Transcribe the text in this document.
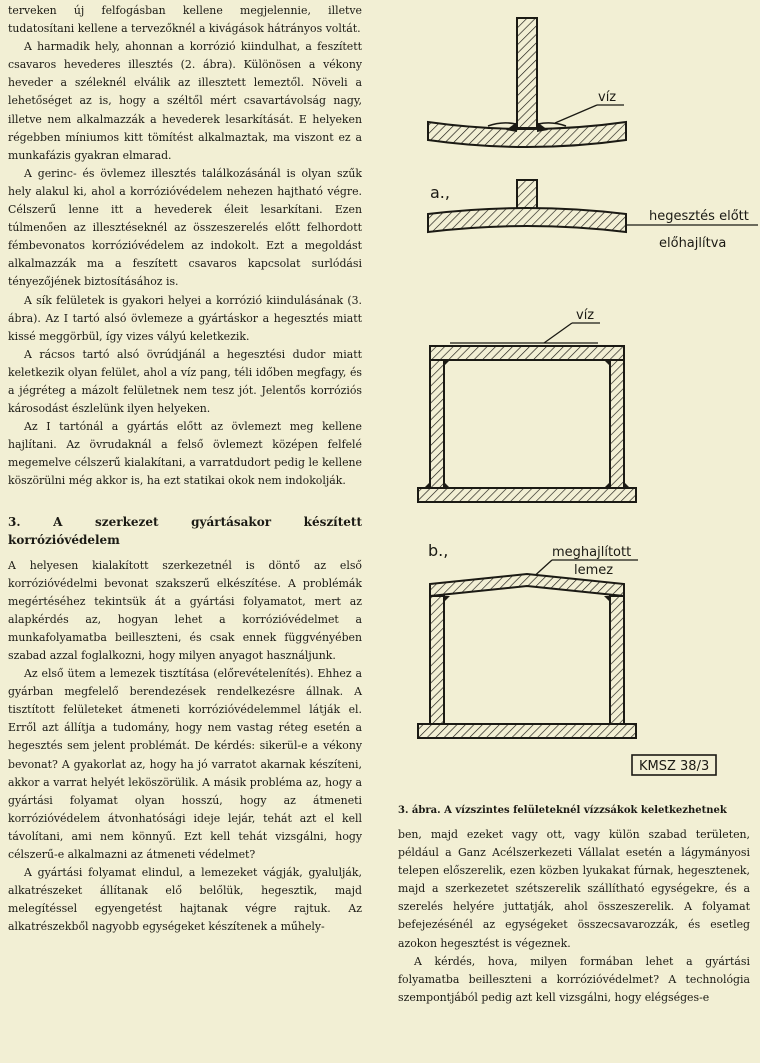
terveken új felfogásban kellene megjelennie, illetve tudatosítani kellene a tervezőknél a kivágások hátrányos voltát.

A harmadik hely, ahonnan a korrózió kiindulhat, a feszített csavaros hevederes illesztés (2. ábra). Különösen a vékony heveder a széleknél elválik az illesztett lemeztől. Növeli a lehetőséget az is, hogy a széltől mért csavartávolság nagy, illetve nem alkalmazzák a hevederek lesarkítását. E helyeken régebben míniumos kitt tömítést alkalmaztak, ma viszont ez a munkafázis gyakran elmarad.

A gerinc- és övlemez illesztés találkozásánál is olyan szűk hely alakul ki, ahol a korrózióvédelem nehezen hajtható végre. Célszerű lenne itt a hevederek éleit lesarkítani. Ezen túlmenően az illesztéseknél az összeszerelés előtt felhordott fémbevonatos korrózióvédelem az indokolt. Ezt a megoldást alkalmazzák ma a feszített csavaros kapcsolat surlódási tényezőjének biztosításához is.

A sík felületek is gyakori helyei a korrózió kiindulásának (3. ábra). Az I tartó alsó övlemeze a gyártáskor a hegesztés miatt kissé meggörbül, így vizes vályú keletkezik.

A rácsos tartó alsó övrúdjánál a hegesztési dudor miatt keletkezik olyan felület, ahol a víz pang, téli időben megfagy, és a jégréteg a mázolt felületnek nem tesz jót. Jelentős korróziós károsodást észlelünk ilyen helyeken.

Az I tartónál a gyártás előtt az övlemezt meg kellene hajlítani. Az övrudaknál a felső övlemezt középen felfelé megemelve célszerű kialakítani, a varratdudort pedig le kellene köszörülni még akkor is, ha ezt statikai okok nem indokolják.

3. A szerkezet gyártásakor készített korrózióvédelem

A helyesen kialakított szerkezetnél is döntő az első korrózióvédelmi bevonat szakszerű elkészítése. A problémák megértéséhez tekintsük át a gyártási folyamatot, mert az alapkérdés az, hogyan lehet a korrózióvédelmet a munkafolyamatba beilleszteni, és csak ennek függvényében szabad azzal foglalkozni, hogy milyen anyagot használjunk.

Az első ütem a lemezek tisztítása (előrevételenítés). Ehhez a gyárban megfelelő berendezések rendelkezésre állnak. A tisztított felületeket átmeneti korrózióvédelemmel látják el. Erről azt állítja a tudomány, hogy nem vastag réteg esetén a hegesztés sem jelent problémát. De kérdés: sikerül-e a vékony bevonat? A gyakorlat az, hogy ha jó varratot akarnak készíteni, akkor a varrat helyét leköszörülik. A másik probléma az, hogy a gyártási folyamat olyan hosszú, hogy az átmeneti korrózióvédelem átvonhatósági ideje lejár, tehát azt el kell távolítani, ami nem könnyű. Ezt kell tehát vizsgálni, hogy célszerű-e alkalmazni az átmeneti védelmet?

A gyártási folyamat elindul, a lemezeket vágják, gyalulják, alkatrészeket állítanak elő belőlük, hegesztik, majd melegítéssel egyengetést hajtanak végre rajtuk. Az alkatrészekből nagyobb egységeket készítenek a műhely-

víz
a.,
hegesztés előtt
előhajlítva
víz
b.,	meghajlított
lemez
KMSZ 38/3
3. ábra. A vízszintes felületeknél vízzsákok keletkezhetnek

ben, majd ezeket vagy ott, vagy külön szabad területen, például a Ganz Acélszerkezeti Vállalat esetén a lágymányosi telepen előszerelik, ezen közben lyukakat fúrnak, hegesztenek, majd a szerkezetet szétszerelik szállítható egységekre, és a szerelés helyére juttatják, ahol összeszerelik. A folyamat befejezésénél az egységeket összecsavarozzák, és esetleg azokon hegesztést is végeznek.

A kérdés, hova, milyen formában lehet a gyártási folyamatba beilleszteni a korrózióvédelmet? A technológia szempontjából pedig azt kell vizsgálni, hogy elégséges-e
